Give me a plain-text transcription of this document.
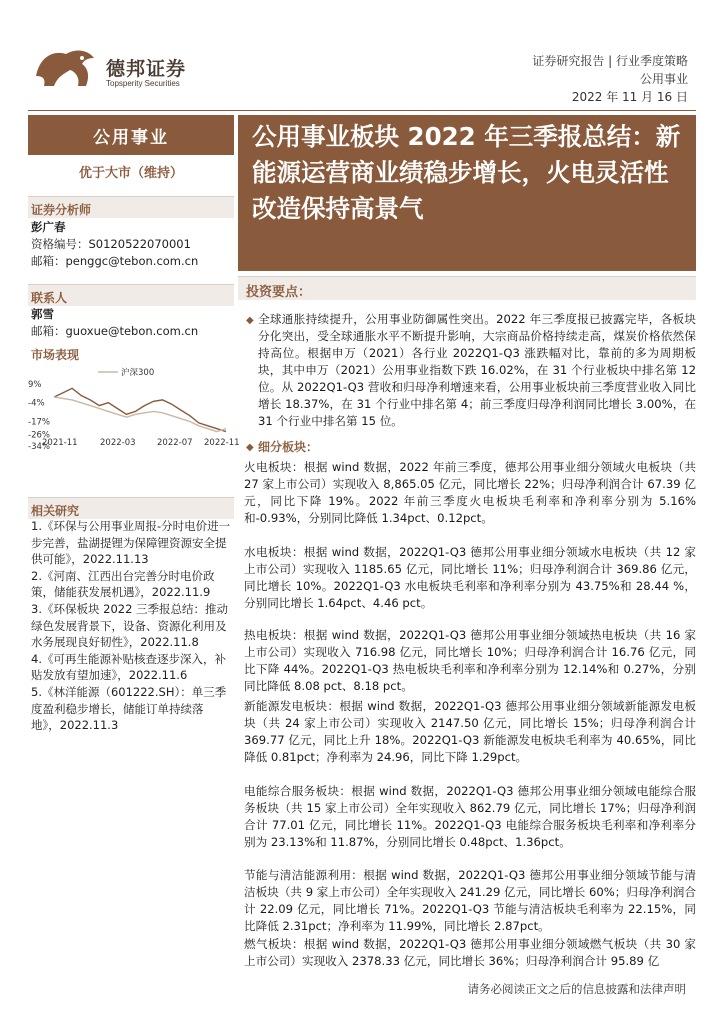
德邦证券
Topsperity Securities
证券研究报告 | 行业季度策略
公用事业
2022 年 11 月 16 日
公用事业
优于大市（维持）
证券分析师
彭广春
资格编号：S0120522070001
邮箱：penggc@tebon.com.cn
联系人
郭雪
邮箱：guoxue@tebon.com.cn
市场表现
9%
-4%
-17%
-26%
-34%
2021-11	2022-03	2022-07 2022-11
沪深300
相关研究
1.《环保与公用事业周报-分时电价进一步完善，盐湖提锂为保障锂资源安全提供可能》，2022.11.13
2.《河南、江西出台完善分时电价政策，储能获发展机遇》，2022.11.9
3.《环保板块 2022 三季报总结：推动绿色发展背景下，设备、资源化利用及水务展现良好韧性》，2022.11.8
4.《可再生能源补贴核查逐步深入，补贴发放有望加速》，2022.11.6
5.《林洋能源（601222.SH）：单三季度盈利稳步增长，储能订单持续落地》，2022.11.3
公用事业板块 2022 年三季报总结：新能源运营商业绩稳步增长，火电灵活性改造保持高景气
投资要点：
◆ 全球通胀持续提升，公用事业防御属性突出。2022 年三季度报已披露完毕，各板块分化突出，受全球通胀水平不断提升影响，大宗商品价格持续走高，煤炭价格依然保持高位。根据申万（2021）各行业 2022Q1-Q3 涨跌幅对比，靠前的多为周期板块，其中申万（2021）公用事业指数下跌 16.02%，在 31 个行业板块中排名第 12 位。从 2022Q1-Q3 营收和归母净利增速来看，公用事业板块前三季度营业收入同比增长 18.37%，在 31 个行业中排名第 4；前三季度归母净利润同比增长 3.00%，在 31 个行业中排名第 15 位。

◆ 细分板块：

火电板块：根据 wind 数据，2022 年前三季度，德邦公用事业细分领域火电板块（共 27 家上市公司）实现收入 8,865.05 亿元，同比增长 22%；归母净利润合计 67.39 亿元，同比下降 19%。2022 年前三季度火电板块毛利率和净利率分别为 5.16%和-0.93%，分别同比降低 1.34pct、0.12pct。

水电板块：根据 wind 数据，2022Q1-Q3 德邦公用事业细分领域水电板块（共 12 家上市公司）实现收入 1185.65 亿元，同比增长 11%；归母净利润合计 369.86 亿元，同比增长 10%。2022Q1-Q3 水电板块毛利率和净利率分别为 43.75%和 28.44 %，分别同比增长 1.64pct、4.46 pct。

热电板块：根据 wind 数据，2022Q1-Q3 德邦公用事业细分领域热电板块（共 16 家上市公司）实现收入 716.98 亿元，同比增长 10%；归母净利润合计 16.76 亿元，同比下降 44%。2022Q1-Q3 热电板块毛利率和净利率分别为 12.14%和 0.27%，分别同比降低 8.08 pct、8.18 pct。

新能源发电板块：根据 wind 数据，2022Q1-Q3 德邦公用事业细分领域新能源发电板块（共 24 家上市公司）实现收入 2147.50 亿元，同比增长 15%；归母净利润合计 369.77 亿元，同比上升 18%。2022Q1-Q3 新能源发电板块毛利率为 40.65%，同比降低 0.81pct；净利率为 24.96，同比下降 1.29pct。

电能综合服务板块：根据 wind 数据，2022Q1-Q3 德邦公用事业细分领域电能综合服务板块（共 15 家上市公司）全年实现收入 862.79 亿元，同比增长 17%；归母净利润合计 77.01 亿元，同比增长 11%。2022Q1-Q3 电能综合服务板块毛利率和净利率分别为 23.13%和 11.87%，分别同比增长 0.48pct、1.36pct。

节能与清洁能源利用：根据 wind 数据，2022Q1-Q3 德邦公用事业细分领域节能与清洁板块（共 9 家上市公司）全年实现收入 241.29 亿元，同比增长 60%；归母净利润合计 22.09 亿元，同比增长 71%。2022Q1-Q3 节能与清洁板块毛利率为 22.15%，同比降低 2.31pct；净利率为 11.99%，同比增长 2.87pct。

燃气板块：根据 wind 数据，2022Q1-Q3 德邦公用事业细分领域燃气板块（共 30 家上市公司）实现收入 2378.33 亿元，同比增长 36%；归母净利润合计 95.89 亿

请务必阅读正文之后的信息披露和法律声明
